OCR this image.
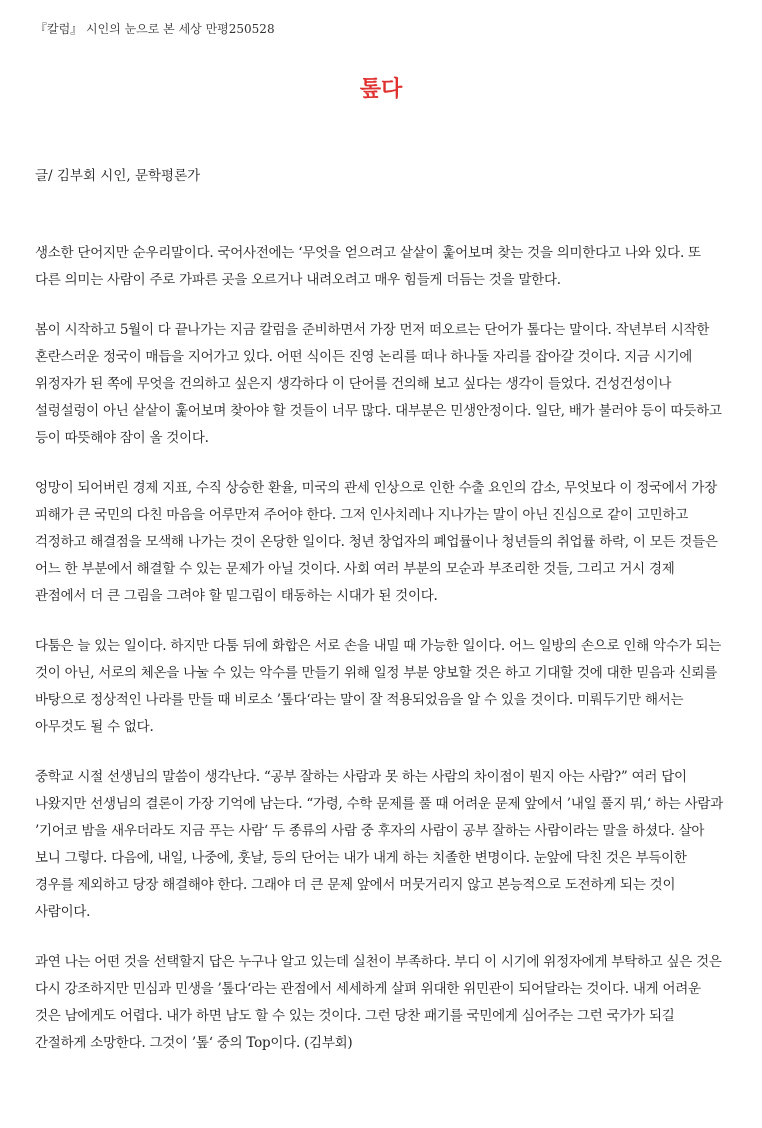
『칼럼』 시인의 눈으로 본 세상 만평250528
톺다
글/ 김부회 시인, 문학평론가

생소한 단어지만 순우리말이다. 국어사전에는 ‘무엇을 얻으려고 샅샅이 훑어보며 찾는 것을 의미한다고 나와 있다. 또 다른 의미는 사람이 주로 가파른 곳을 오르거나 내려오려고 매우 힘들게 더듬는 것을 말한다.

봄이 시작하고 5월이 다 끝나가는 지금 칼럼을 준비하면서 가장 먼저 떠오르는 단어가 톺다는 말이다. 작년부터 시작한 혼란스러운 정국이 매듭을 지어가고 있다. 어떤 식이든 진영 논리를 떠나 하나둘 자리를 잡아갈 것이다. 지금 시기에 위정자가 된 쪽에 무엇을 건의하고 싶은지 생각하다 이 단어를 건의해 보고 싶다는 생각이 들었다. 건성건성이나 설렁설렁이 아닌 샅샅이 훑어보며 찾아야 할 것들이 너무 많다. 대부분은 민생안정이다. 일단, 배가 불러야 등이 따듯하고 등이 따뜻해야 잠이 올 것이다.

엉망이 되어버린 경제 지표, 수직 상승한 환율, 미국의 관세 인상으로 인한 수출 요인의 감소, 무엇보다 이 정국에서 가장 피해가 큰 국민의 다친 마음을 어루만져 주어야 한다. 그저 인사치레나 지나가는 말이 아닌 진심으로 같이 고민하고 걱정하고 해결점을 모색해 나가는 것이 온당한 일이다. 청년 창업자의 폐업률이나 청년들의 취업률 하락, 이 모든 것들은 어느 한 부분에서 해결할 수 있는 문제가 아닐 것이다. 사회 여러 부분의 모순과 부조리한 것들, 그리고 거시 경제 관점에서 더 큰 그림을 그려야 할 밑그림이 태동하는 시대가 된 것이다.

다툼은 늘 있는 일이다. 하지만 다툼 뒤에 화합은 서로 손을 내밀 때 가능한 일이다. 어느 일방의 손으로 인해 악수가 되는 것이 아닌, 서로의 체온을 나눌 수 있는 악수를 만들기 위해 일정 부분 양보할 것은 하고 기대할 것에 대한 믿음과 신뢰를 바탕으로 정상적인 나라를 만들 때 비로소 ’톺다‘라는 말이 잘 적용되었음을 알 수 있을 것이다. 미뤄두기만 해서는 아무것도 될 수 없다.

중학교 시절 선생님의 말씀이 생각난다. “공부 잘하는 사람과 못 하는 사람의 차이점이 뭔지 아는 사람?” 여러 답이 나왔지만 선생님의 결론이 가장 기억에 남는다. “가령, 수학 문제를 풀 때 어려운 문제 앞에서 ’내일 풀지 뭐,‘ 하는 사람과 ’기어코 밤을 새우더라도 지금 푸는 사람‘ 두 종류의 사람 중 후자의 사람이 공부 잘하는 사람이라는 말을 하셨다. 살아 보니 그렇다. 다음에, 내일, 나중에, 훗날, 등의 단어는 내가 내게 하는 치졸한 변명이다. 눈앞에 닥친 것은 부득이한 경우를 제외하고 당장 해결해야 한다. 그래야 더 큰 문제 앞에서 머뭇거리지 않고 본능적으로 도전하게 되는 것이 사람이다.

과연 나는 어떤 것을 선택할지 답은 누구나 알고 있는데 실천이 부족하다. 부디 이 시기에 위정자에게 부탁하고 싶은 것은 다시 강조하지만 민심과 민생을 ’톺다‘라는 관점에서 세세하게 살펴 위대한 위민관이 되어달라는 것이다. 내게 어려운 것은 남에게도 어렵다. 내가 하면 남도 할 수 있는 것이다. 그런 당찬 패기를 국민에게 심어주는 그런 국가가 되길 간절하게 소망한다. 그것이 ’톺‘ 중의 Top이다. (김부회)
